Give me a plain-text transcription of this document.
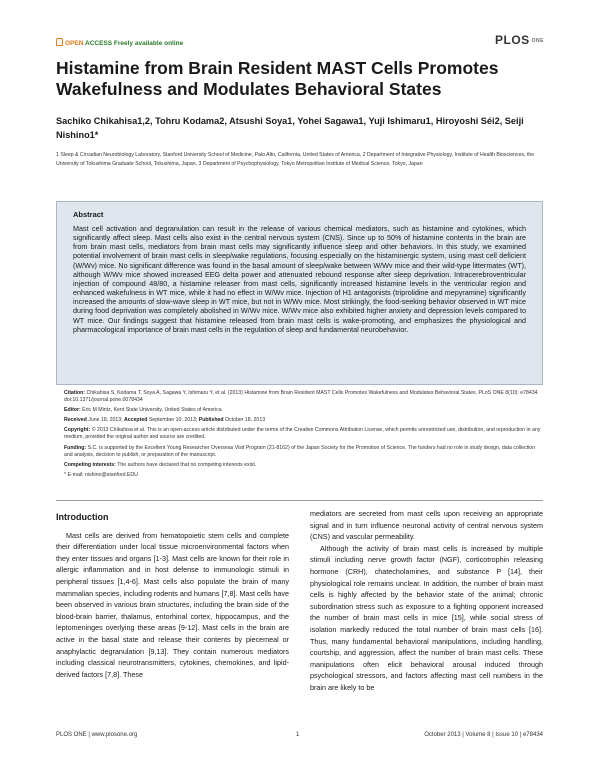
OPEN ACCESS Freely available online	PLOS $^{ONE}$
Histamine from Brain Resident MAST Cells Promotes Wakefulness and Modulates Behavioral States

Sachiko Chikahisa1,2, Tohru Kodama2, Atsushi Soya1, Yohei Sagawa1, Yuji Ishimaru1, Hiroyoshi Séi2, Seiji Nishino1*

1 Sleep & Circadian Neurobiology Laboratory, Stanford University School of Medicine, Palo Alto, California, United States of America, 2 Department of Integrative Physiology, Institute of Health Biosciences, the University of Tokushima Graduate School, Tokushima, Japan, 3 Department of Psychophysiology, Tokyo Metropolitan Institute of Medical Science, Tokyo, Japan

Abstract

Mast cell activation and degranulation can result in the release of various chemical mediators, such as histamine and cytokines, which significantly affect sleep. Mast cells also exist in the central nervous system (CNS). Since up to 50% of histamine contents in the brain are from brain mast cells, mediators from brain mast cells may significantly influence sleep and other behaviors. In this study, we examined potential involvement of brain mast cells in sleep/wake regulations, focusing especially on the histaminergic system, using mast cell deficient (W/Wv) mice. No significant difference was found in the basal amount of sleep/wake between W/Wv mice and their wild-type littermates (WT), although W/Wv mice showed increased EEG delta power and attenuated rebound response after sleep deprivation. Intracerebroventricular injection of compound 48/80, a histamine releaser from mast cells, significantly increased histamine levels in the ventricular region and enhanced wakefulness in WT mice, while it had no effect in W/Wv mice. Injection of H1 antagonists (triprolidine and mepyramine) significantly increased the amounts of slow-wave sleep in WT mice, but not in W/Wv mice. Most strikingly, the food-seeking behavior observed in WT mice during food deprivation was completely abolished in W/Wv mice. W/Wv mice also exhibited higher anxiety and depression levels compared to WT mice. Our findings suggest that histamine released from brain mast cells is wake-promoting, and emphasizes the physiological and pharmacological importance of brain mast cells in the regulation of sleep and fundamental neurobehavior.

Citation: Chikahisa S, Kodama T, Soya A, Sagawa Y, Ishimaru Y, et al. (2013) Histamine from Brain Resident MAST Cells Promotes Wakefulness and Modulates Behavioral States. PLoS ONE 8(10): e78434. doi:10.1371/journal.pone.0078434

Editor: Eric M Mintz, Kent State University, United States of America

Received June 18, 2013; Accepted September 10, 2013; Published October 18, 2013

Copyright: © 2013 Chikahisa et al. This is an open-access article distributed under the terms of the Creative Commons Attribution License, which permits unrestricted use, distribution, and reproduction in any medium, provided the original author and source are credited.

Funding: S.C. is supported by the Excellent Young Researcher Overseas Visit Program (21-8162) of the Japan Society for the Promotion of Science. The funders had no role in study design, data collection and analysis, decision to publish, or preparation of the manuscript.

Competing interests: The authors have declared that no competing interests exist.

* E-mail: nishino@stanford.EDU

Introduction

Mast cells are derived from hematopoietic stem cells and complete their differentiation under local tissue microenvironmental factors when they enter tissues and organs [1-3]. Mast cells are known for their role in allergic inflammation and in host defense to immunologic stimuli in peripheral tissues [1,4-6]. Mast cells also populate the brain of many mammalian species, including rodents and humans [7,8]. Mast cells have been observed in various brain structures, including the brain side of the blood-brain barrier, thalamus, entorhinal cortex, hippocampus, and the leptomeninges overlying these areas [9-12]. Mast cells in the brain are active in the basal state and release their contents by piecemeal or anaphylactic degranulation [9,13]. They contain numerous mediators including classical neurotransmitters, cytokines, chemokines, and lipid-derived factors [7,8]. These

mediators are secreted from mast cells upon receiving an appropriate signal and in turn influence neuronal activity of central nervous system (CNS) and vascular permeability.

Although the activity of brain mast cells is increased by multiple stimuli including nerve growth factor (NGF), corticotrophin releasing hormone (CRH), chatecholamines, and substance P [14], their physiological role remains unclear. In addition, the number of brain mast cells is highly affected by the behavior state of the animal; chronic subordination stress such as exposure to a fighting opponent increased the number of brain mast cells in mice [15], while social stress of isolation markedly reduced the total number of brain mast cells [16]. Thus, many fundamental behavioral manipulations, including handling, courtship, and aggression, affect the number of brain mast cells. These manipulations often elicit behavioral arousal induced through psychological stressors, and factors affecting mast cell numbers in the brain are likely to be

PLOS ONE | www.plosone.org	1	October 2013 | Volume 8 | Issue 10 | e78434
